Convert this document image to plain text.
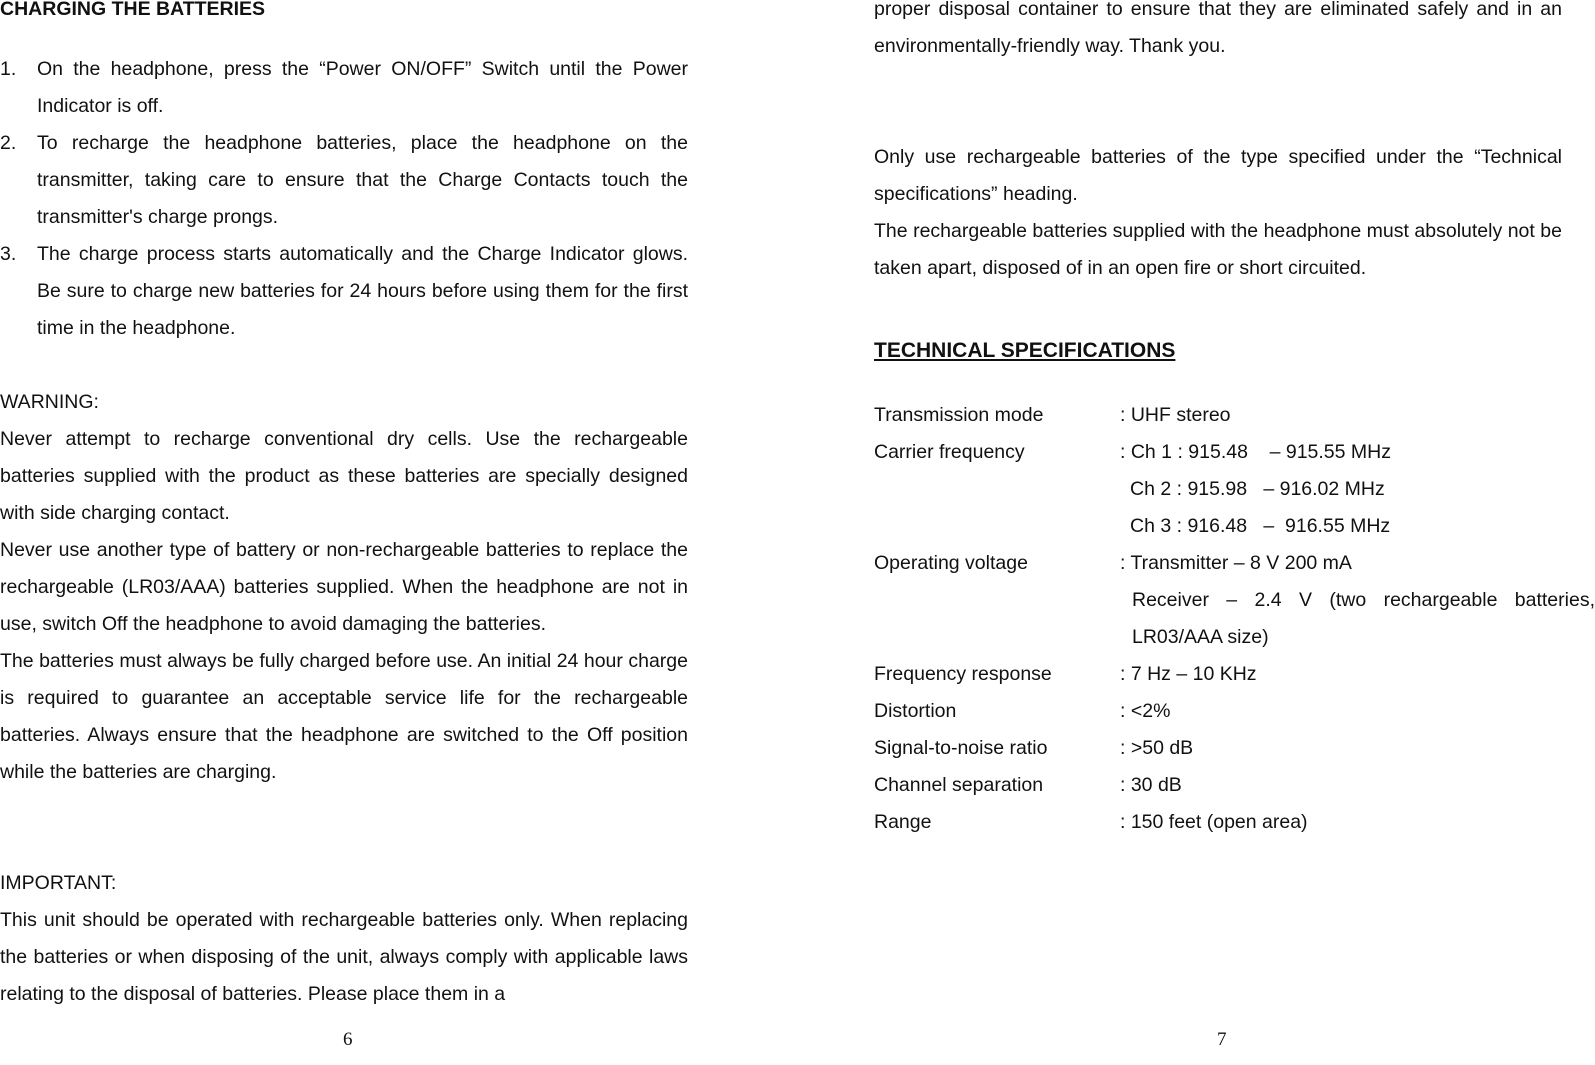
CHARGING THE BATTERIES

1.	On the headphone, press the “Power ON/OFF” Switch until the Power Indicator is off.
2.	To recharge the headphone batteries, place the headphone on the transmitter, taking care to ensure that the Charge Contacts touch the transmitter's charge prongs.
3.	The charge process starts automatically and the Charge Indicator glows. Be sure to charge new batteries for 24 hours before using them for the first time in the headphone.

WARNING:

Never attempt to recharge conventional dry cells. Use the rechargeable batteries supplied with the product as these batteries are specially designed with side charging contact.

Never use another type of battery or non-rechargeable batteries to replace the rechargeable (LR03/AAA) batteries supplied. When the headphone are not in use, switch Off the headphone to avoid damaging the batteries.

The batteries must always be fully charged before use. An initial 24 hour charge is required to guarantee an acceptable service life for the rechargeable batteries. Always ensure that the headphone are switched to the Off position while the batteries are charging.

IMPORTANT:

This unit should be operated with rechargeable batteries only. When replacing the batteries or when disposing of the unit, always comply with applicable laws relating to the disposal of batteries. Please place them in a

6

proper disposal container to ensure that they are eliminated safely and in an environmentally-friendly way. Thank you.

Only use rechargeable batteries of the type specified under the “Technical specifications” heading.

The rechargeable batteries supplied with the headphone must absolutely not be taken apart, disposed of in an open fire or short circuited.

TECHNICAL SPECIFICATIONS

Transmission mode	: UHF stereo
Carrier frequency	: Ch 1 : 915.48    – 915.55 MHz
Ch 2 : 915.98   – 916.02 MHz
Ch 3 : 916.48   –  916.55 MHz
Operating voltage	: Transmitter – 8 V 200 mA
Receiver – 2.4 V (two rechargeable batteries, LR03/AAA size)
Frequency response	: 7 Hz – 10 KHz
Distortion	: <2%
Signal-to-noise ratio	: >50 dB
Channel separation	: 30 dB
Range	: 150 feet (open area)
7
